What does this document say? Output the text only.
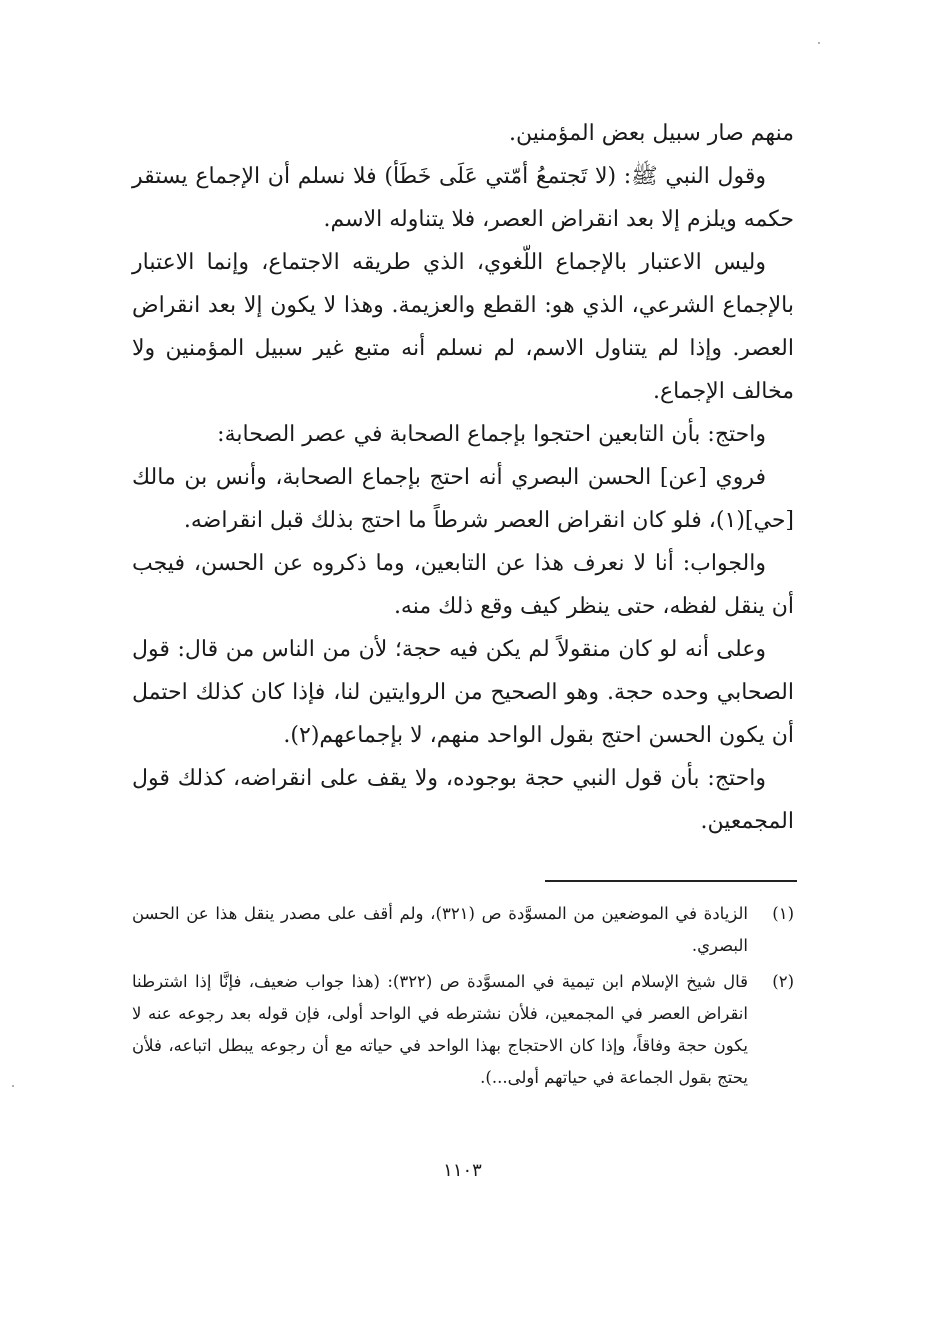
منهم صار سبيل بعض المؤمنين.

وقول النبي ﷺ: (لا تَجتمعُ أمّتي عَلَى خَطَأ) فلا نسلم أن الإجماع يستقر حكمه ويلزم إلا بعد انقراض العصر، فلا يتناوله الاسم.

وليس الاعتبار بالإجماع اللّغوي، الذي طريقه الاجتماع، وإنما الاعتبار بالإجماع الشرعي، الذي هو: القطع والعزيمة. وهذا لا يكون إلا بعد انقراض العصر. وإذا لم يتناول الاسم، لم نسلم أنه متبع غير سبيل المؤمنين ولا مخالف الإجماع.

واحتج: بأن التابعين احتجوا بإجماع الصحابة في عصر الصحابة:

فروي [عن] الحسن البصري أنه احتج بإجماع الصحابة، وأنس بن مالك [حي](١)، فلو كان انقراض العصر شرطاً ما احتج بذلك قبل انقراضه.

والجواب: أنا لا نعرف هذا عن التابعين، وما ذكروه عن الحسن، فيجب أن ينقل لفظه، حتى ينظر كيف وقع ذلك منه.

وعلى أنه لو كان منقولاً لم يكن فيه حجة؛ لأن من الناس من قال: قول الصحابي وحده حجة. وهو الصحيح من الروايتين لنا، فإذا كان كذلك احتمل أن يكون الحسن احتج بقول الواحد منهم، لا بإجماعهم(٢).

واحتج: بأن قول النبي حجة بوجوده، ولا يقف على انقراضه، كذلك قول المجمعين.

(١)
الزيادة في الموضعين من المسوَّدة ص (٣٢١)، ولم أقف على مصدر ينقل هذا عن الحسن البصري.
(٢)
قال شيخ الإسلام ابن تيمية في المسوَّدة ص (٣٢٢): (هذا جواب ضعيف، فإنَّا إذا اشترطنا انقراض العصر في المجمعين، فلأن نشترطه في الواحد أولى، فإن قوله بعد رجوعه عنه لا يكون حجة وفاقاً، وإذا كان الاحتجاج بهذا الواحد في حياته مع أن رجوعه يبطل اتباعه، فلأن يحتج بقول الجماعة في حياتهم أولى...).
١١٠٣
